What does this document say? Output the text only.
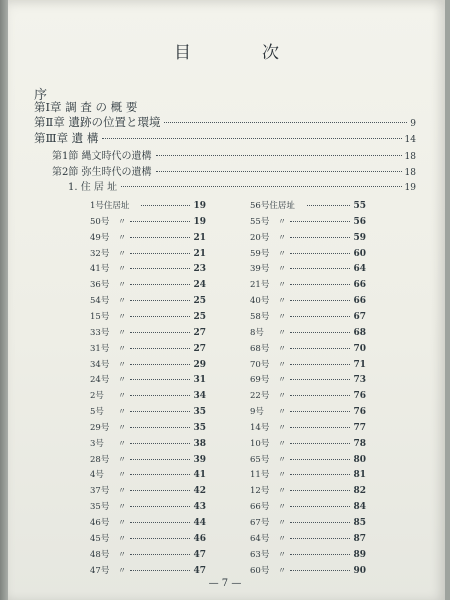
目	次
序
第Ⅰ章 調 査 の 概 要
第Ⅱ章 遺跡の位置と環境	9
第Ⅲ章 遺 構	14
第1節 縄文時代の遺構	18
第2節 弥生時代の遺構	18
1. 住 居 址	19
1号住居址	19
50号	〃	19
49号	〃	21
32号	〃	21
41号	〃	23
36号	〃	24
54号	〃	25
15号	〃	25
33号	〃	27
31号	〃	27
34号	〃	29
24号	〃	31
2号	〃	34
5号	〃	35
29号	〃	35
3号	〃	38
28号	〃	39
4号	〃	41
37号	〃	42
35号	〃	43
46号	〃	44
45号	〃	46
48号	〃	47
47号	〃	47
56号住居址	55
55号	〃	56
20号	〃	59
59号	〃	60
39号	〃	64
21号	〃	66
40号	〃	66
58号	〃	67
8号	〃	68
68号	〃	70
70号	〃	71
69号	〃	73
22号	〃	76
9号	〃	76
14号	〃	77
10号	〃	78
65号	〃	80
11号	〃	81
12号	〃	82
66号	〃	84
67号	〃	85
64号	〃	87
63号	〃	89
60号	〃	90
— 7 —
